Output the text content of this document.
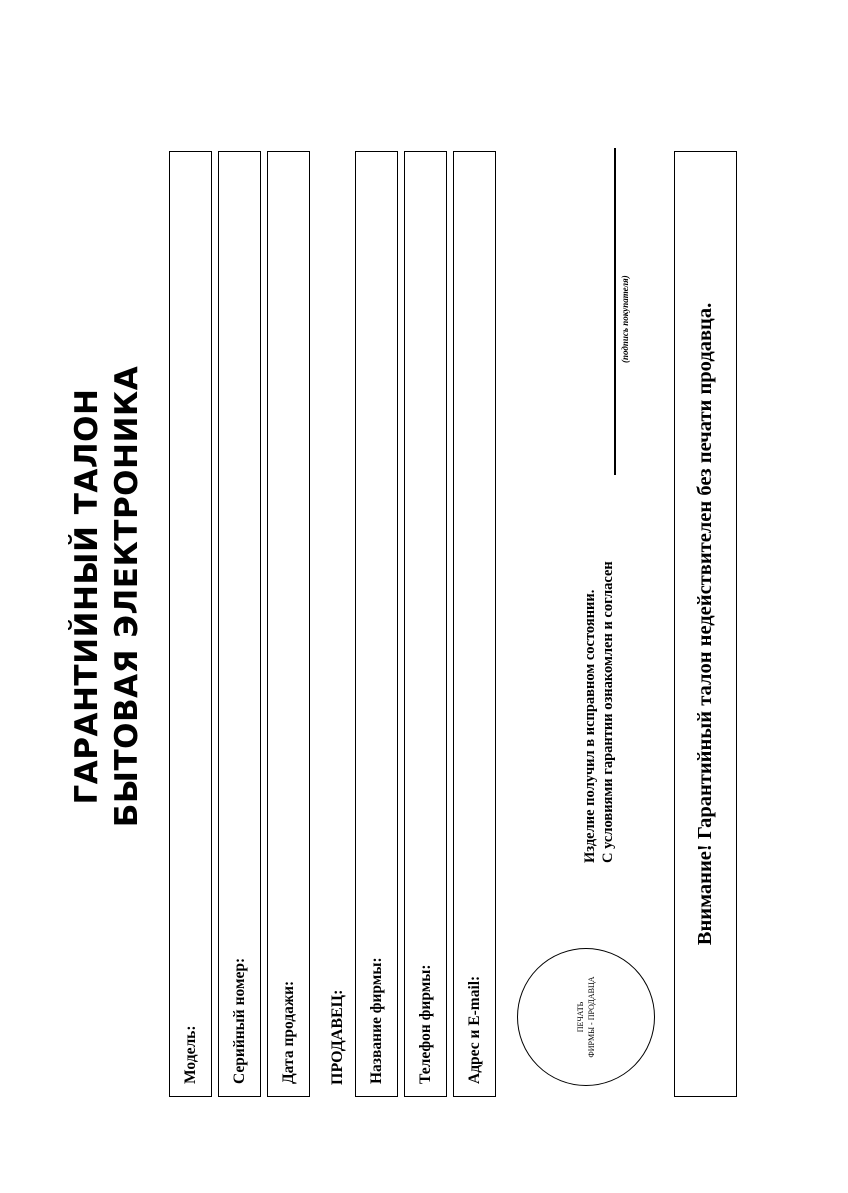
ГАРАНТИЙНЫЙ ТАЛОН БЫТОВАЯ ЭЛЕКТРОНИКА
Модель:	Серийный номер:	Дата продажи:	ПРОДАВЕЦ:	Название фирмы:	Телефон фирмы:	Адрес и E-mail:	ПЕЧАТЬ ФИРМЫ - ПРОДАВЦА
Изделие получил в исправном состоянии. С условиями гарантии ознакомлен и согласен
(подпись покупателя)	Внимание! Гарантийный талон недействителен без печати продавца.
